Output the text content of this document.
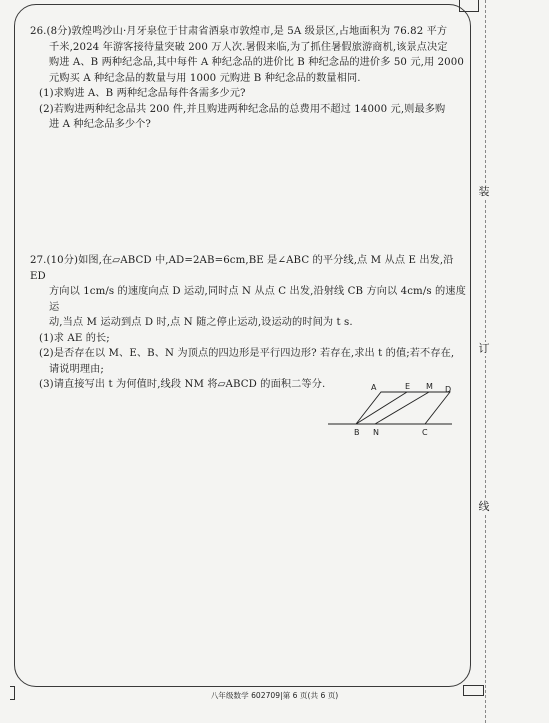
装
订
线

26.(8分)敦煌鸣沙山·月牙泉位于甘肃省酒泉市敦煌市,是 5A 级景区,占地面积为 76.82 平方

千米,2024 年游客接待量突破 200 万人次.暑假来临,为了抓住暑假旅游商机,该景点决定

购进 A、B 两种纪念品,其中每件 A 种纪念品的进价比 B 种纪念品的进价多 50 元,用 2000

元购买 A 种纪念品的数量与用 1000 元购进 B 种纪念品的数量相同.

(1)求购进 A、B 两种纪念品每件各需多少元?

(2)若购进两种纪念品共 200 件,并且购进两种纪念品的总费用不超过 14000 元,则最多购

进 A 种纪念品多少个?

27.(10分)如图,在▱ABCD 中,AD=2AB=6cm,BE 是∠ABC 的平分线,点 M 从点 E 出发,沿 ED

方向以 1cm/s 的速度向点 D 运动,同时点 N 从点 C 出发,沿射线 CB 方向以 4cm/s 的速度运

动,当点 M 运动到点 D 时,点 N 随之停止运动,设运动的时间为 t s.

(1)求 AE 的长;

(2)是否存在以 M、E、B、N 为顶点的四边形是平行四边形? 若存在,求出 t 的值;若不存在,

请说明理由;

(3)请直接写出 t 为何值时,线段 NM 将▱ABCD 的面积二等分.	A	E M D
B N	C
八年级数学 602709|第 6 页(共 6 页)
